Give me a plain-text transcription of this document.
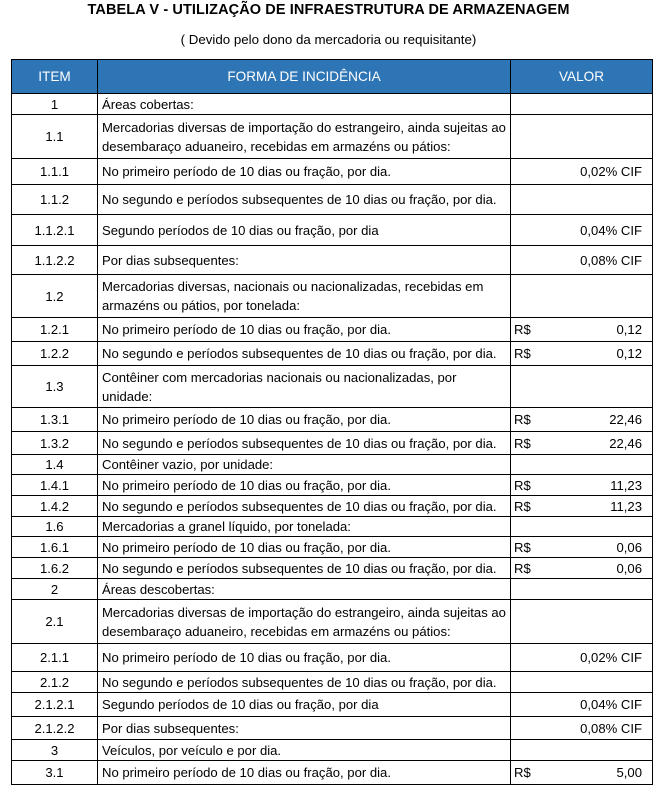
TABELA V - UTILIZAÇÃO DE INFRAESTRUTURA DE ARMAZENAGEM
( Devido pelo dono da mercadoria ou requisitante)
ITEM	FORMA DE INCIDÊNCIA	VALOR
1	Áreas cobertas:	

1.1	Mercadorias diversas de importação do estrangeiro, ainda sujeitas ao desembaraço aduaneiro, recebidas em armazéns ou pátios:	

1.1.1	No primeiro período de 10 dias ou fração, por dia.	0,02% CIF

1.1.2	No segundo e períodos subsequentes de 10 dias ou fração, por dia.	

1.1.2.1	Segundo períodos de 10 dias ou fração, por dia	0,04% CIF

1.1.2.2	Por dias subsequentes:	0,08% CIF

1.2	Mercadorias diversas, nacionais ou nacionalizadas, recebidas em armazéns ou pátios, por tonelada:	

1.2.1	No primeiro período de 10 dias ou fração, por dia.	R$ 0,12

1.2.2	No segundo e períodos subsequentes de 10 dias ou fração, por dia.	R$ 0,12

1.3	Contêiner com mercadorias nacionais ou nacionalizadas, por unidade:	

1.3.1	No primeiro período de 10 dias ou fração, por dia.	R$ 22,46

1.3.2	No segundo e períodos subsequentes de 10 dias ou fração, por dia.	R$ 22,46

1.4	Contêiner vazio, por unidade:	

1.4.1	No primeiro período de 10 dias ou fração, por dia.	R$ 11,23

1.4.2	No segundo e períodos subsequentes de 10 dias ou fração, por dia.	R$ 11,23

1.6	Mercadorias a granel líquido, por tonelada:	

1.6.1	No primeiro período de 10 dias ou fração, por dia.	R$ 0,06

1.6.2	No segundo e períodos subsequentes de 10 dias ou fração, por dia.	R$ 0,06

2	Áreas descobertas:	

2.1	Mercadorias diversas de importação do estrangeiro, ainda sujeitas ao desembaraço aduaneiro, recebidas em armazéns ou pátios:	

2.1.1	No primeiro período de 10 dias ou fração, por dia.	0,02% CIF

2.1.2	No segundo e períodos subsequentes de 10 dias ou fração, por dia.	

2.1.2.1	Segundo períodos de 10 dias ou fração, por dia	0,04% CIF

2.1.2.2	Por dias subsequentes:	0,08% CIF

3	Veículos, por veículo e por dia.	

3.1	No primeiro período de 10 dias ou fração, por dia.	R$ 5,00
